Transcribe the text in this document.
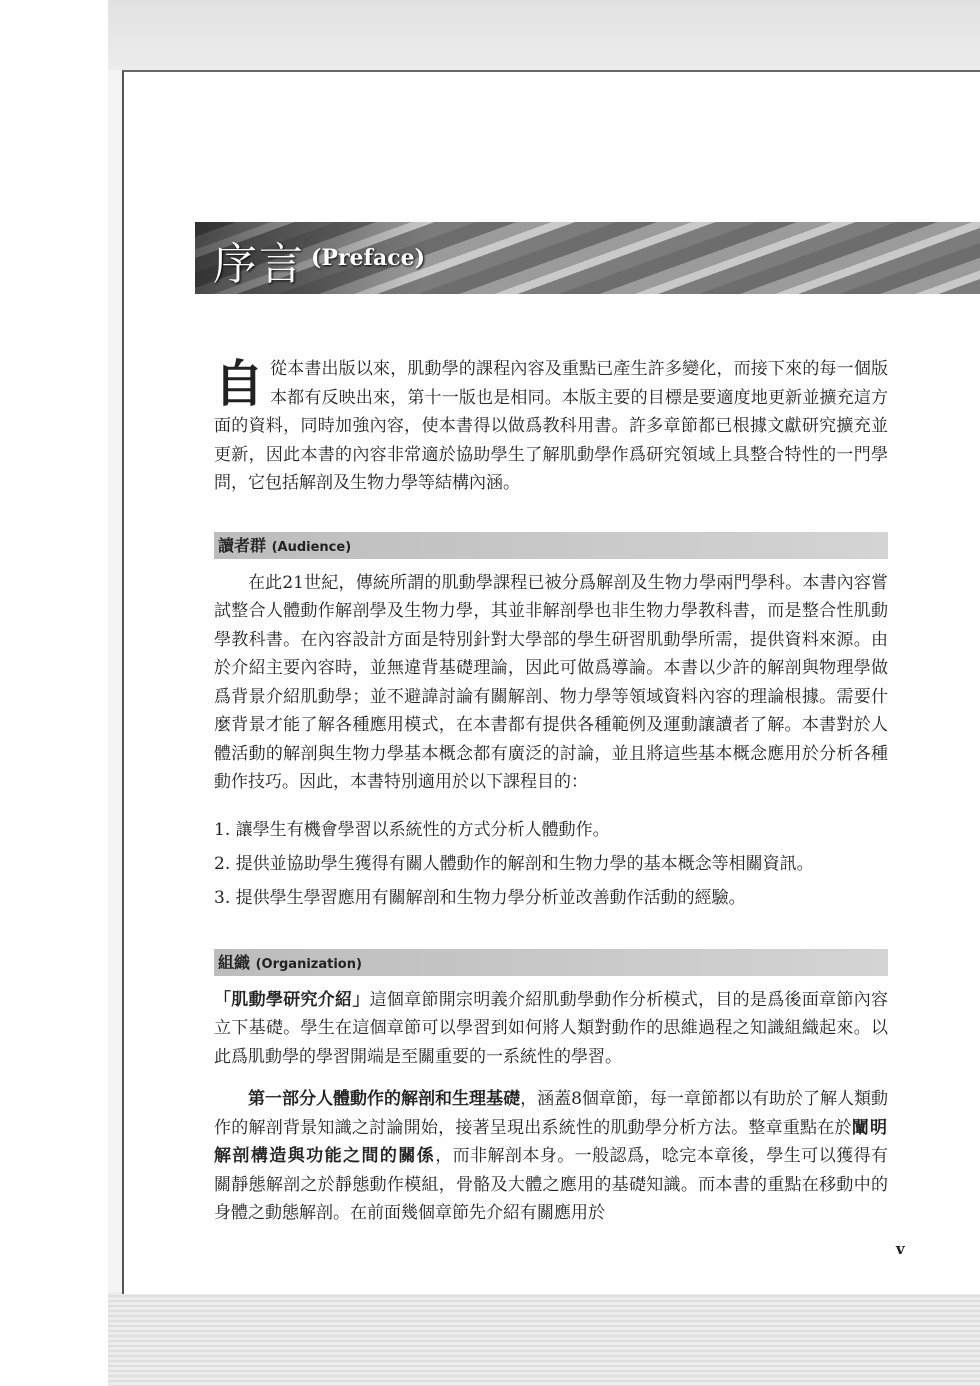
序言 (Preface)

自 從本書出版以來，肌動學的課程內容及重點已產生許多變化，而接下來的每一個版本都有反映出來，第十一版也是相同。本版主要的目標是要適度地更新並擴充這方面的資料，同時加強內容，使本書得以做爲教科用書。許多章節都已根據文獻研究擴充並更新，因此本書的內容非常適於協助學生了解肌動學作爲研究領域上具整合特性的一門學問，它包括解剖及生物力學等結構內涵。

讀者群 (Audience)

在此21世紀，傳統所謂的肌動學課程已被分爲解剖及生物力學兩門學科。本書內容嘗試整合人體動作解剖學及生物力學，其並非解剖學也非生物力學教科書，而是整合性肌動學教科書。在內容設計方面是特別針對大學部的學生研習肌動學所需，提供資料來源。由於介紹主要內容時，並無違背基礎理論，因此可做爲導論。本書以少許的解剖與物理學做爲背景介紹肌動學；並不避諱討論有關解剖、物力學等領域資料內容的理論根據。需要什麼背景才能了解各種應用模式，在本書都有提供各種範例及運動讓讀者了解。本書對於人體活動的解剖與生物力學基本概念都有廣泛的討論，並且將這些基本概念應用於分析各種動作技巧。因此，本書特別適用於以下課程目的：

1. 讓學生有機會學習以系統性的方式分析人體動作。
2. 提供並協助學生獲得有關人體動作的解剖和生物力學的基本概念等相關資訊。
3. 提供學生學習應用有關解剖和生物力學分析並改善動作活動的經驗。
組織 (Organization)

「肌動學研究介紹」這個章節開宗明義介紹肌動學動作分析模式，目的是爲後面章節內容立下基礎。學生在這個章節可以學習到如何將人類對動作的思維過程之知識組織起來。以此爲肌動學的學習開端是至關重要的一系統性的學習。

第一部分人體動作的解剖和生理基礎，涵蓋8個章節，每一章節都以有助於了解人類動作的解剖背景知識之討論開始，接著呈現出系統性的肌動學分析方法。整章重點在於闡明解剖構造與功能之間的關係，而非解剖本身。一般認爲，唸完本章後，學生可以獲得有關靜態解剖之於靜態動作模組，骨骼及大體之應用的基礎知識。而本書的重點在移動中的身體之動態解剖。在前面幾個章節先介紹有關應用於

v
